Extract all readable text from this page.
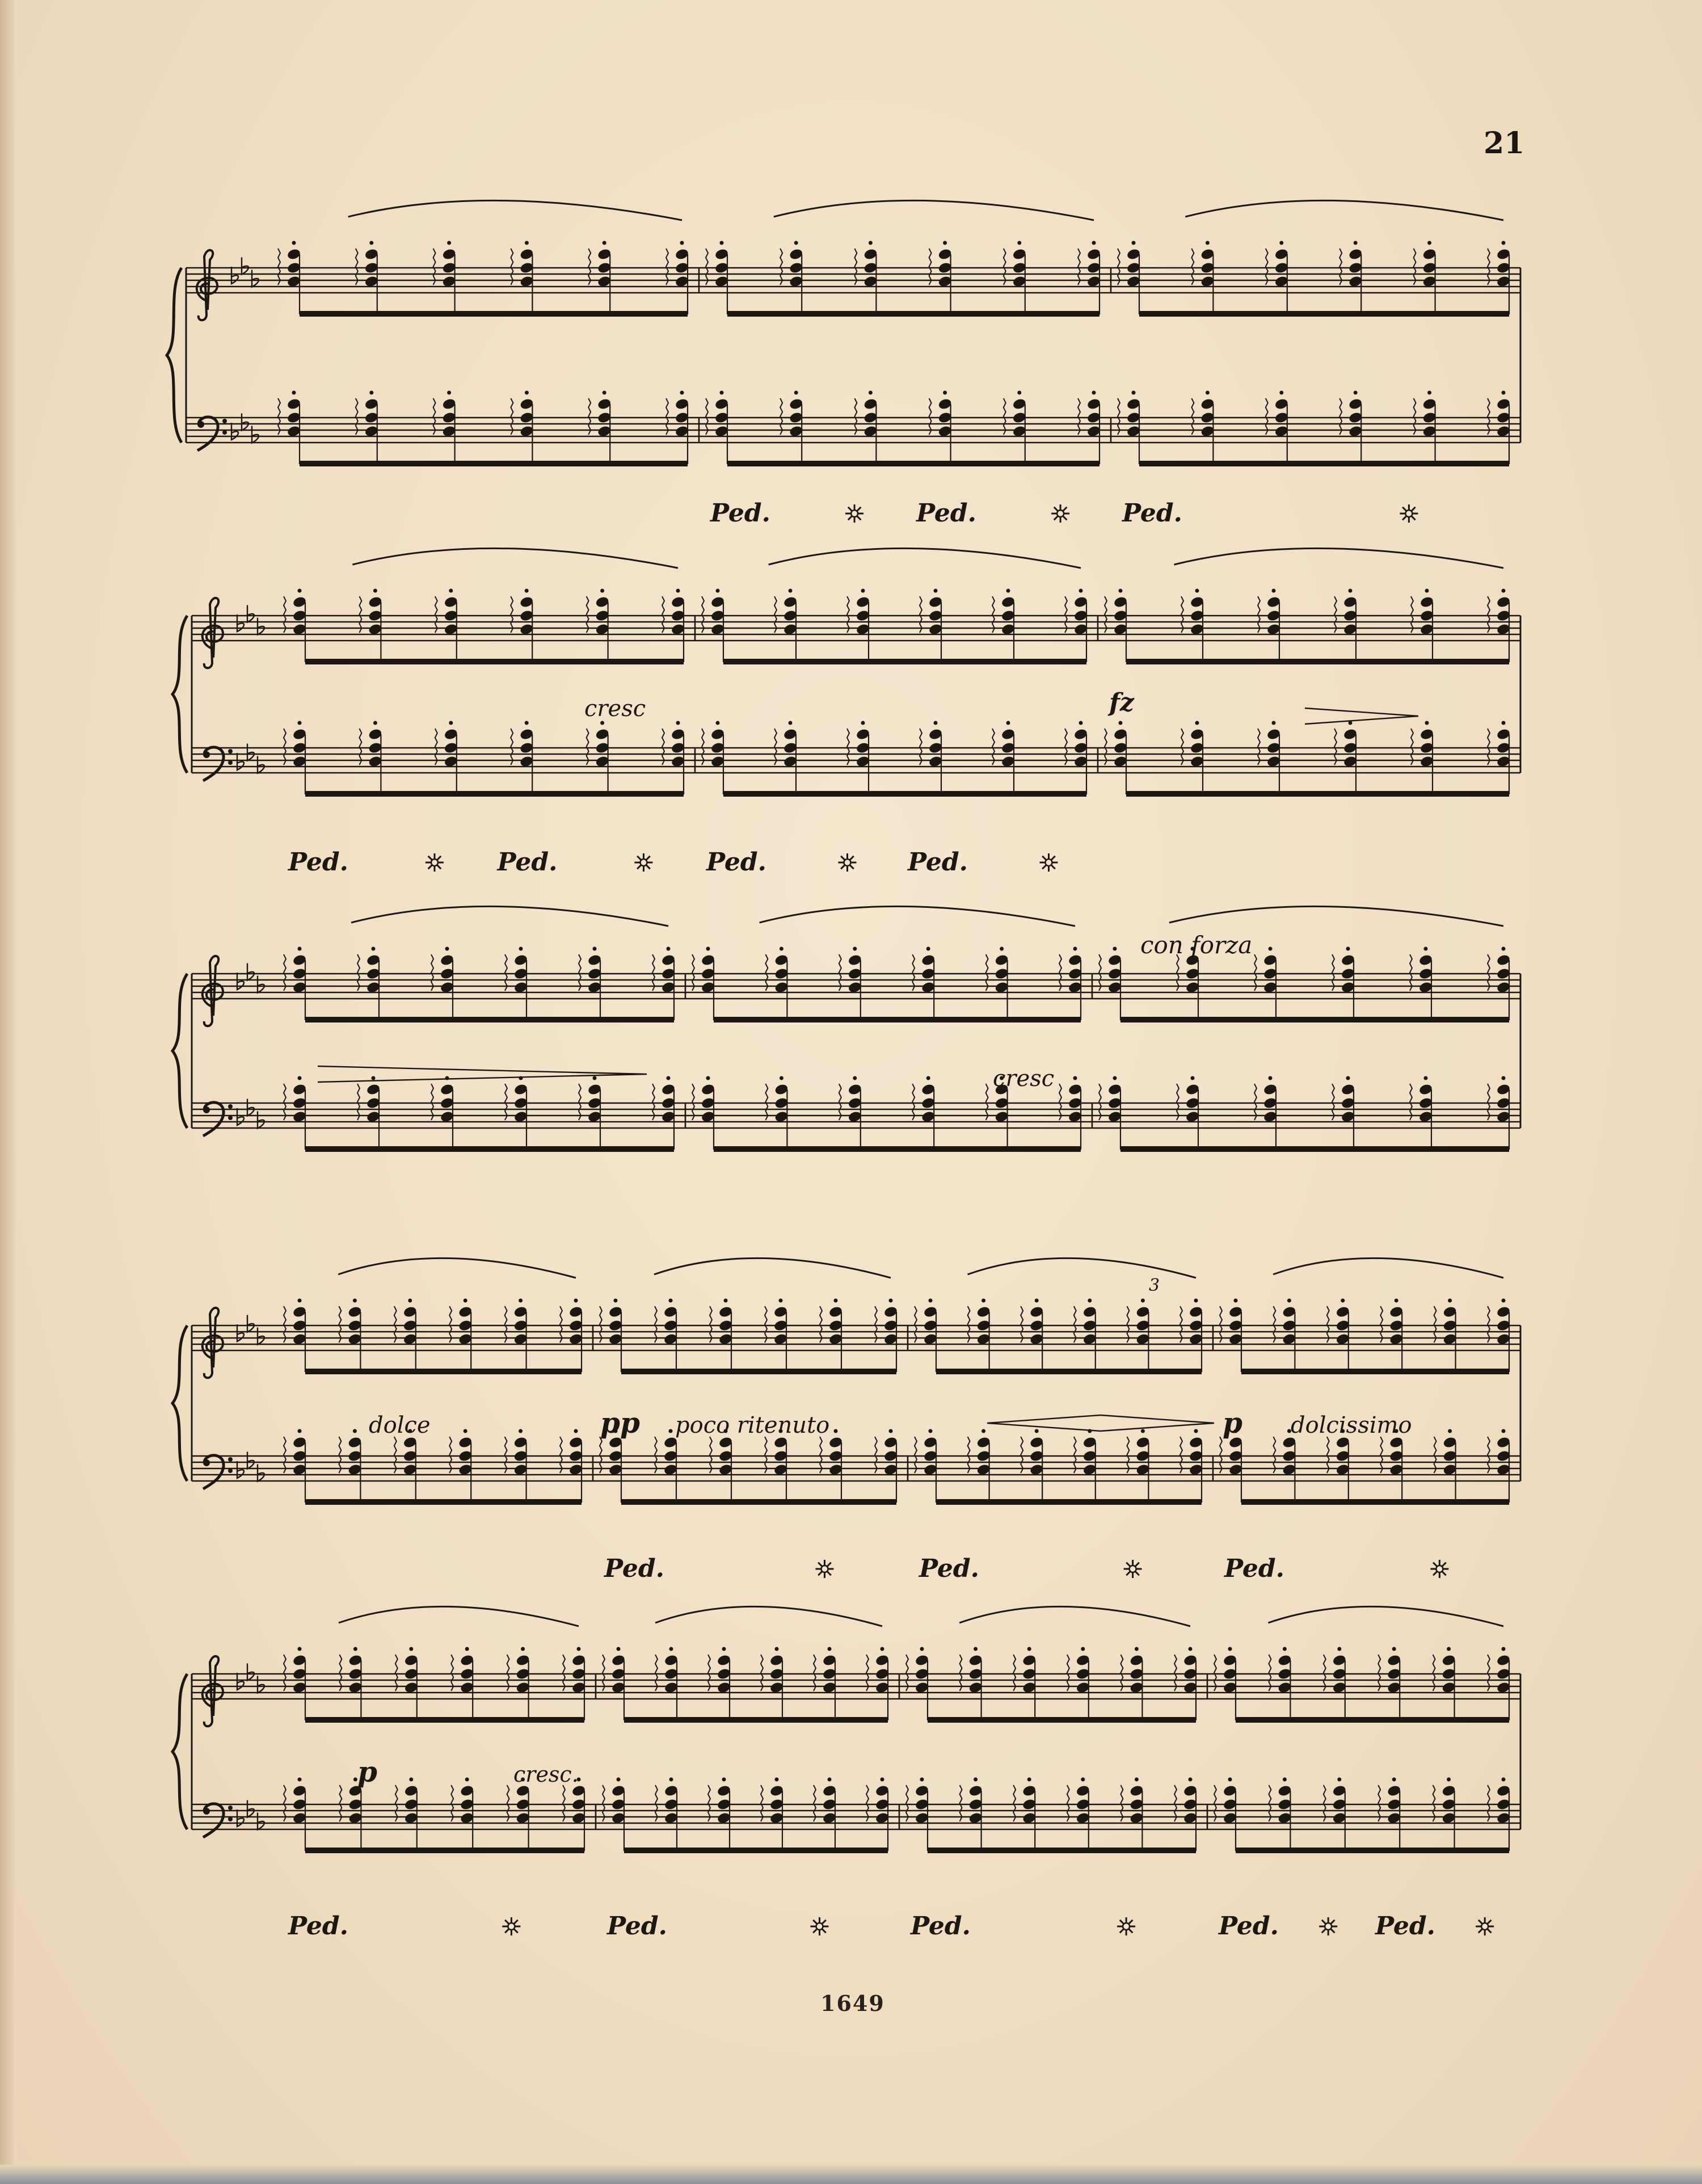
21
cresc	fz
con forza
cresc
dolce	pp poco ritenuto
3
p dolcissimo
p	cresc.
Ped.	Ped.	Ped.
Ped.	Ped.	Ped.	Ped.
Ped.	Ped.	Ped.
Ped.	Ped.	Ped.	Ped.	Ped.
1649
